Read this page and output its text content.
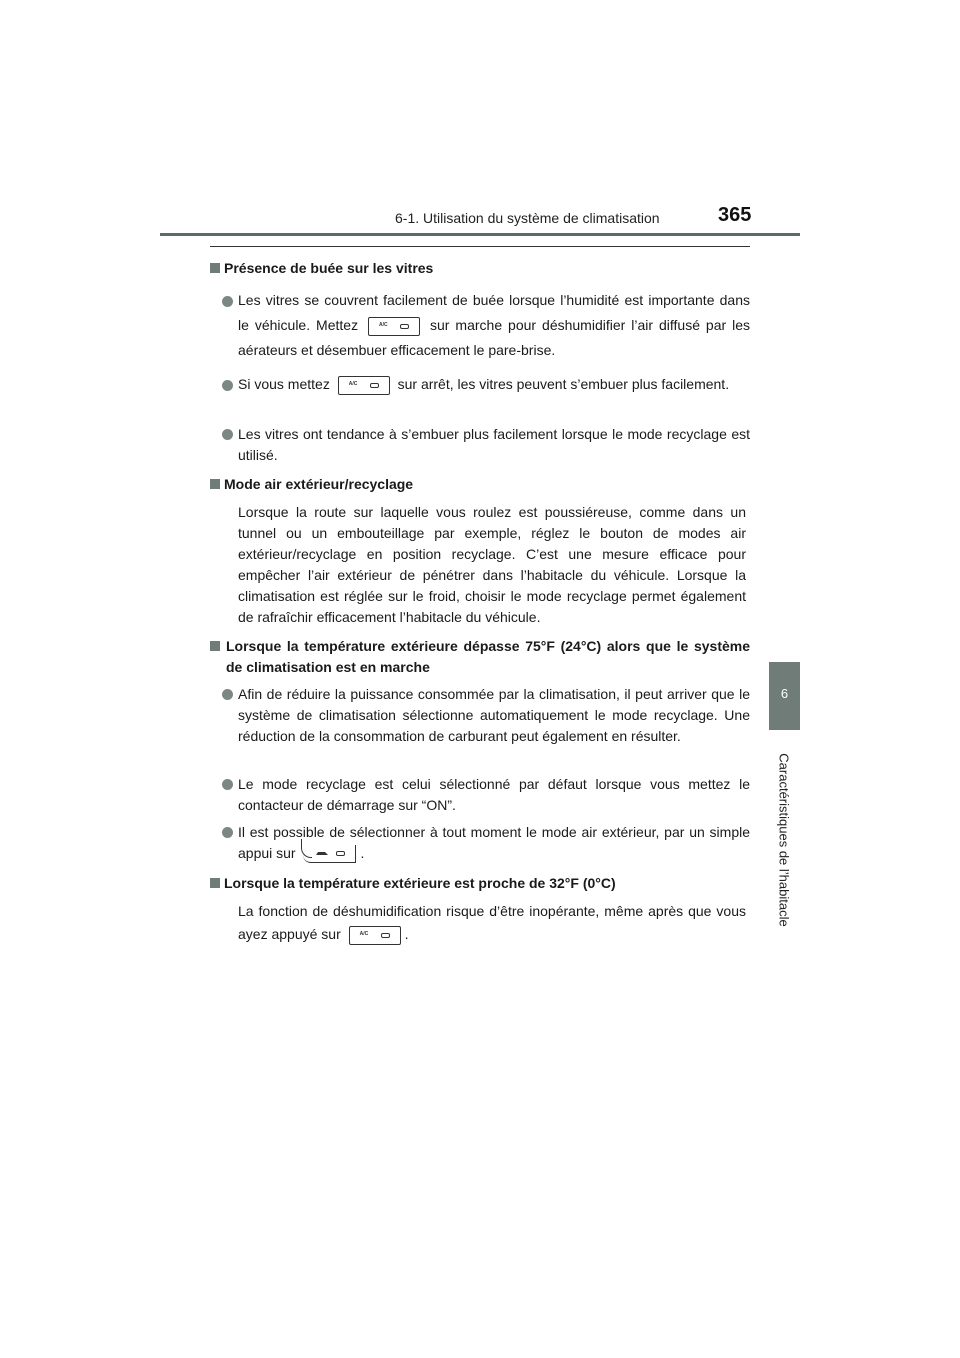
6-1. Utilisation du système de climatisation	365
6
Caractéristiques de l’habitacle
Présence de buée sur les vitres
Les vitres se couvrent facilement de buée lorsque l’humidité est importante dans le véhicule. Mettez	A/C	sur marche pour déshumidifier l’air diffusé par les aérateurs et désembuer efficacement le pare-brise.
Si vous mettez	A/C	sur arrêt, les vitres peuvent s’embuer plus facilement.
Les vitres ont tendance à s’embuer plus facilement lorsque le mode recyclage est utilisé.
Mode air extérieur/recyclage
Lorsque la route sur laquelle vous roulez est poussiéreuse, comme dans un tunnel ou un embouteillage par exemple, réglez le bouton de modes air extérieur/recyclage en position recyclage. C’est une mesure efficace pour empêcher l’air extérieur de pénétrer dans l’habitacle du véhicule. Lorsque la climatisation est réglée sur le froid, choisir le mode recyclage permet également de rafraîchir efficacement l’habitacle du véhicule.
Lorsque la température extérieure dépasse 75°F (24°C) alors que le système de climatisation est en marche
Afin de réduire la puissance consommée par la climatisation, il peut arriver que le système de climatisation sélectionne automatiquement le mode recyclage. Une réduction de la consommation de carburant peut également en résulter.
Le mode recyclage est celui sélectionné par défaut lorsque vous mettez le contacteur de démarrage sur “ON”.
Il est possible de sélectionner à tout moment le mode air extérieur, par un simple appui sur	.
Lorsque la température extérieure est proche de 32°F (0°C)
La fonction de déshumidification risque d’être inopérante, même après que vous ayez appuyé sur	A/C	.
